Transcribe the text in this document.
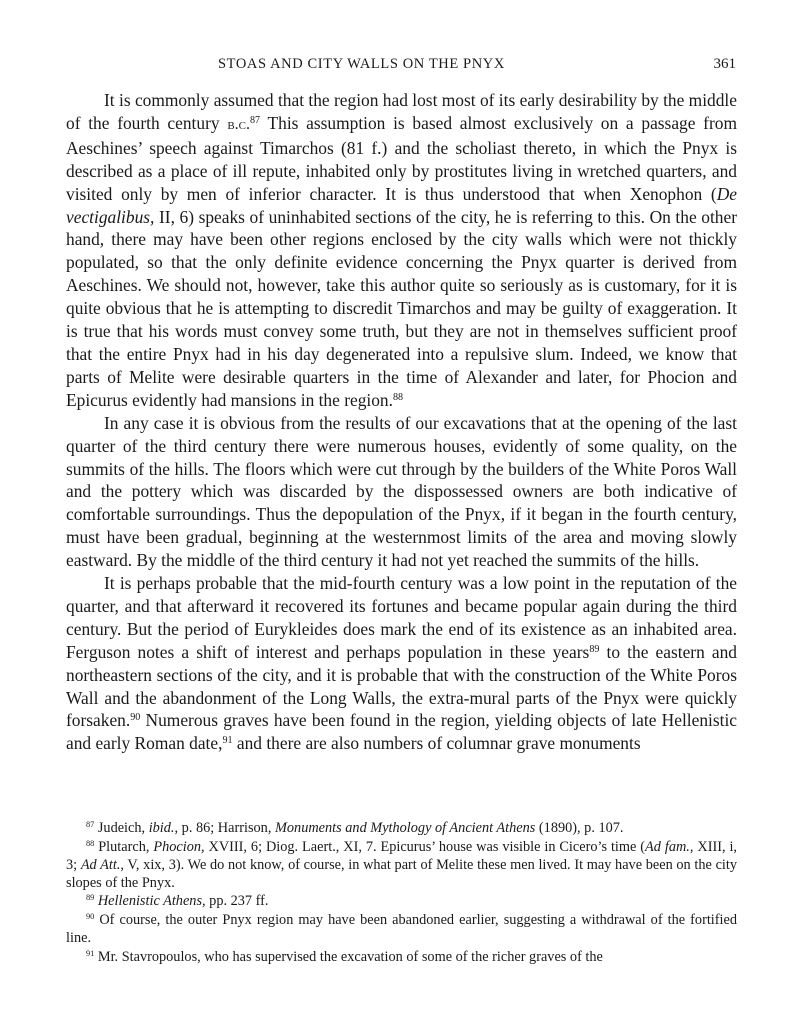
STOAS AND CITY WALLS ON THE PNYX	361

It is commonly assumed that the region had lost most of its early desirability by the middle of the fourth century b.c.$^{87}$ This assumption is based almost exclusively on a passage from Aeschines’ speech against Timarchos (81 f.) and the scholiast thereto, in which the Pnyx is described as a place of ill repute, inhabited only by prostitutes living in wretched quarters, and visited only by men of inferior character. It is thus understood that when Xenophon (De vectigalibus, II, 6) speaks of uninhabited sections of the city, he is referring to this. On the other hand, there may have been other regions enclosed by the city walls which were not thickly populated, so that the only definite evidence concerning the Pnyx quarter is derived from Aeschines. We should not, however, take this author quite so seriously as is customary, for it is quite obvious that he is attempting to discredit Timarchos and may be guilty of exaggeration. It is true that his words must convey some truth, but they are not in themselves sufficient proof that the entire Pnyx had in his day degenerated into a repulsive slum. Indeed, we know that parts of Melite were desirable quarters in the time of Alexander and later, for Phocion and Epicurus evidently had mansions in the region.$^{88}$

In any case it is obvious from the results of our excavations that at the opening of the last quarter of the third century there were numerous houses, evidently of some quality, on the summits of the hills. The floors which were cut through by the builders of the White Poros Wall and the pottery which was discarded by the dispossessed owners are both indicative of comfortable surroundings. Thus the depopulation of the Pnyx, if it began in the fourth century, must have been gradual, beginning at the westernmost limits of the area and moving slowly eastward. By the middle of the third century it had not yet reached the summits of the hills.

It is perhaps probable that the mid-fourth century was a low point in the reputation of the quarter, and that afterward it recovered its fortunes and became popular again during the third century. But the period of Eurykleides does mark the end of its existence as an inhabited area. Ferguson notes a shift of interest and perhaps population in these years$^{89}$ to the eastern and northeastern sections of the city, and it is probable that with the construction of the White Poros Wall and the abandonment of the Long Walls, the extra-mural parts of the Pnyx were quickly forsaken.$^{90}$ Numerous graves have been found in the region, yielding objects of late Hellenistic and early Roman date,$^{91}$ and there are also numbers of columnar grave monuments

$^{87}$ Judeich, ibid., p. 86; Harrison, Monuments and Mythology of Ancient Athens (1890), p. 107.

$^{88}$ Plutarch, Phocion, XVIII, 6; Diog. Laert., XI, 7. Epicurus’ house was visible in Cicero’s time (Ad fam., XIII, i, 3; Ad Att., V, xix, 3). We do not know, of course, in what part of Melite these men lived. It may have been on the city slopes of the Pnyx.

$^{89}$ Hellenistic Athens, pp. 237 ff.

$^{90}$ Of course, the outer Pnyx region may have been abandoned earlier, suggesting a withdrawal of the fortified line.

$^{91}$ Mr. Stavropoulos, who has supervised the excavation of some of the richer graves of the
